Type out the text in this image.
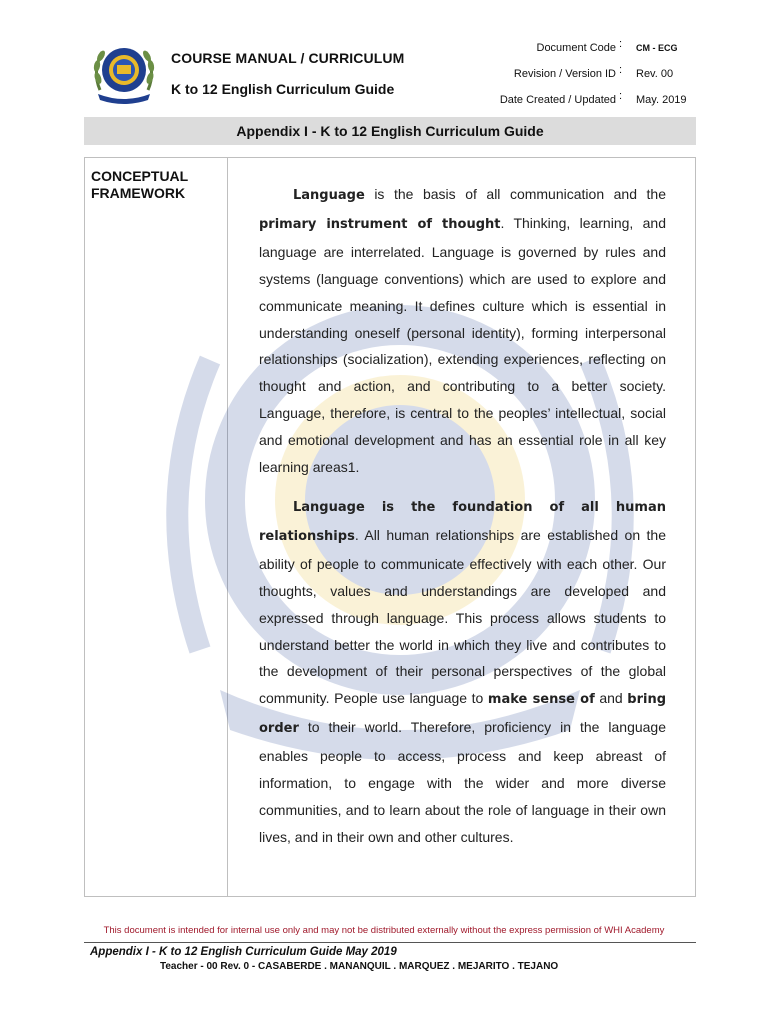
COURSE MANUAL / CURRICULUM
K to 12 English Curriculum Guide
Document Code : CM - ECG
Revision / Version ID : Rev. 00
Date Created / Updated : May. 2019
Appendix I - K to 12 English Curriculum Guide
CONCEPTUAL FRAMEWORK	Language is the basis of all communication and the primary instrument of thought. Thinking, learning, and language are interrelated. Language is governed by rules and systems (language conventions) which are used to explore and communicate meaning. It defines culture which is essential in understanding oneself (personal identity), forming interpersonal relationships (socialization), extending experiences, reflecting on thought and action, and contributing to a better society. Language, therefore, is central to the peoples’ intellectual, social and emotional development and has an essential role in all key learning areas1.

Language is the foundation of all human relationships. All human relationships are established on the ability of people to communicate effectively with each other. Our thoughts, values and understandings are developed and expressed through language. This process allows students to understand better the world in which they live and contributes to the development of their personal perspectives of the global community. People use language to make sense of and bring order to their world. Therefore, proficiency in the language enables people to access, process and keep abreast of information, to engage with the wider and more diverse communities, and to learn about the role of language in their own lives, and in their own and other cultures.

This document is intended for internal use only and may not be distributed externally without the express permission of WHI Academy
Appendix I - K to 12 English Curriculum Guide May 2019
Teacher - 00 Rev. 0 - CASABERDE . MANANQUIL . MARQUEZ . MEJARITO . TEJANO
